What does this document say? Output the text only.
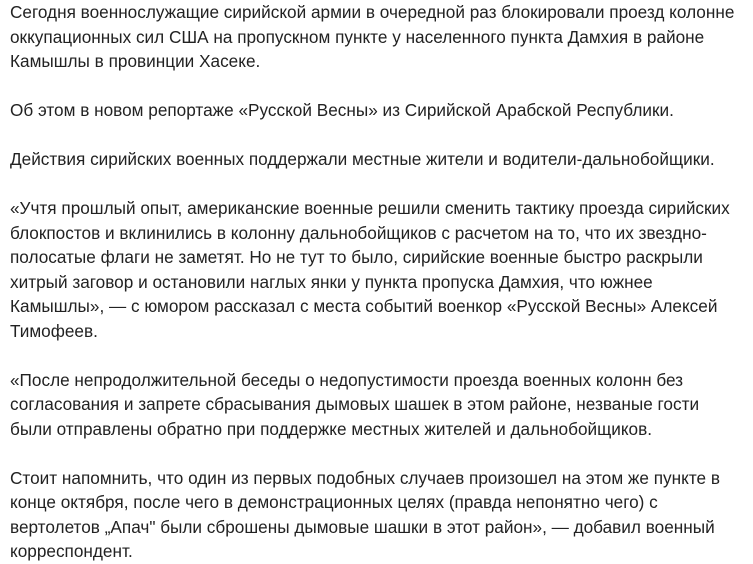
Сегодня военнослужащие сирийской армии в очередной раз блокировали проезд колонне оккупационных сил США на пропускном пункте у населенного пункта Дамхия в районе Камышлы в провинции Хасеке.

Об этом в новом репортаже «Русской Весны» из Сирийской Арабской Республики.

Действия сирийских военных поддержали местные жители и водители-дальнобойщики.

«Учтя прошлый опыт, американские военные решили сменить тактику проезда сирийских блокпостов и вклинились в колонну дальнобойщиков с расчетом на то, что их звездно-полосатые флаги не заметят. Но не тут то было, сирийские военные быстро раскрыли хитрый заговор и остановили наглых янки у пункта пропуска Дамхия, что южнее Камышлы», — с юмором рассказал с места событий военкор «Русской Весны» Алексей Тимофеев.

«После непродолжительной беседы о недопустимости проезда военных колонн без согласования и запрете сбрасывания дымовых шашек в этом районе, незваные гости были отправлены обратно при поддержке местных жителей и дальнобойщиков.

Стоит напомнить, что один из первых подобных случаев произошел на этом же пункте в конце октября, после чего в демонстрационных целях (правда непонятно чего) с вертолетов „Апач" были сброшены дымовые шашки в этот район», — добавил военный корреспондент.
